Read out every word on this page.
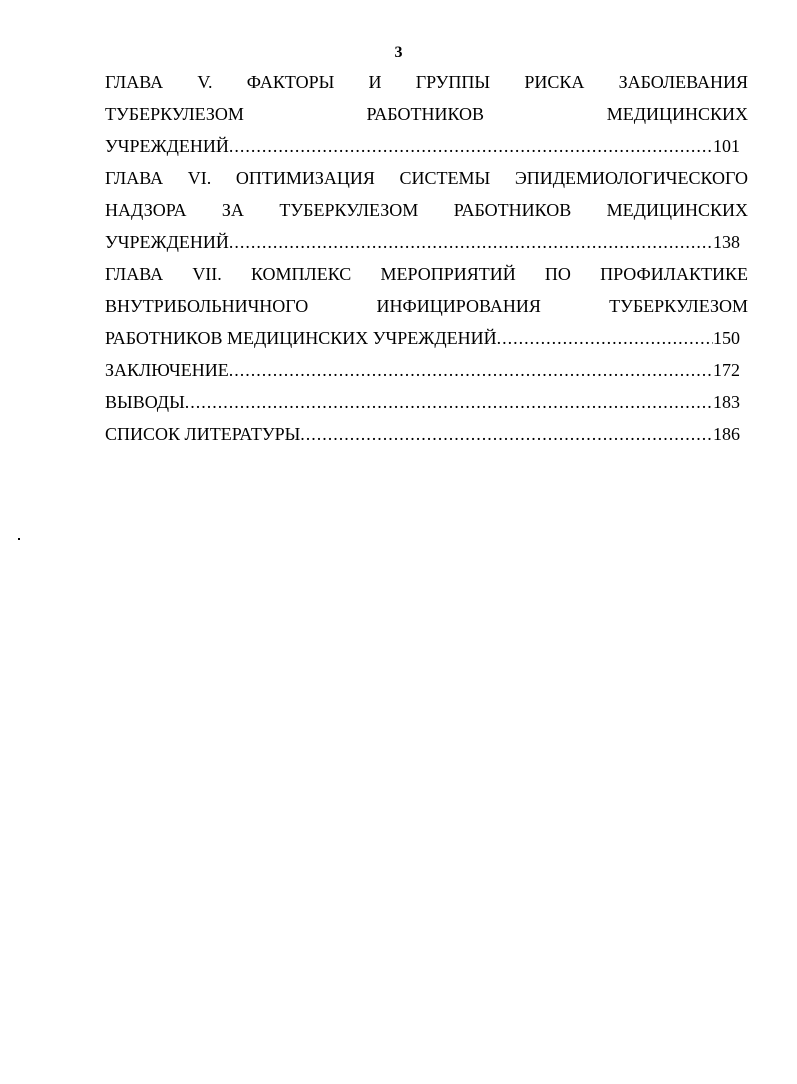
3
ГЛАВА V. ФАКТОРЫ И ГРУППЫ РИСКА ЗАБОЛЕВАНИЯ
ТУБЕРКУЛЕЗОМ	РАБОТНИКОВ	МЕДИЦИНСКИХ
УЧРЕЖДЕНИЙ .....	101
ГЛАВА VI. ОПТИМИЗАЦИЯ СИСТЕМЫ ЭПИДЕМИОЛОГИЧЕСКОГО
НАДЗОРА ЗА ТУБЕРКУЛЕЗОМ РАБОТНИКОВ МЕДИЦИНСКИХ
УЧРЕЖДЕНИЙ .....	138
ГЛАВА VII. КОМПЛЕКС МЕРОПРИЯТИЙ ПО ПРОФИЛАКТИКЕ
ВНУТРИБОЛЬНИЧНОГО	ИНФИЦИРОВАНИЯ	ТУБЕРКУЛЕЗОМ
РАБОТНИКОВ МЕДИЦИНСКИХ УЧРЕЖДЕНИЙ .....	150
ЗАКЛЮЧЕНИЕ .....	172
ВЫВОДЫ .....	183
СПИСОК ЛИТЕРАТУРЫ .....	186
